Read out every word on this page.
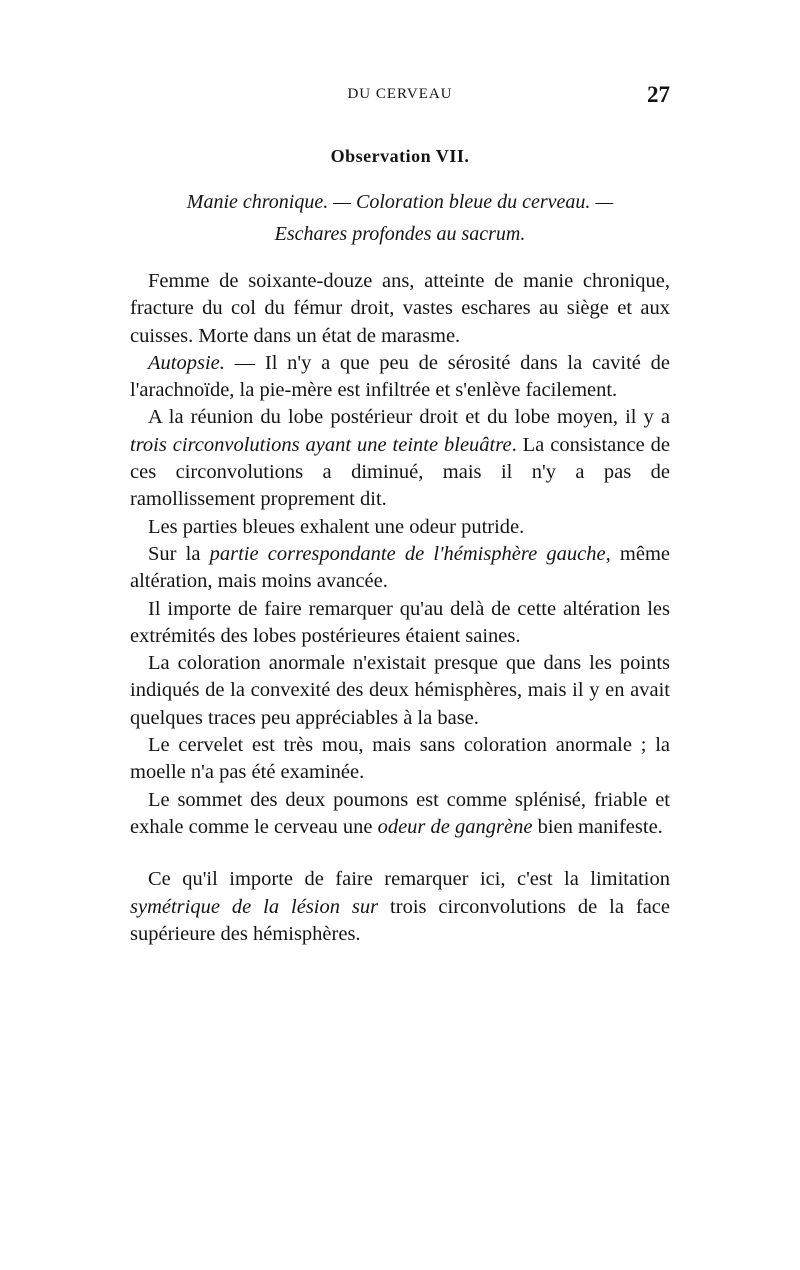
DU CERVEAU	27
Observation VII.
Manie chronique. — Coloration bleue du cerveau. —
Eschares profondes au sacrum.

Femme de soixante-douze ans, atteinte de manie chronique, fracture du col du fémur droit, vastes eschares au siège et aux cuisses. Morte dans un état de marasme.

Autopsie. — Il n'y a que peu de sérosité dans la cavité de l'arachnoïde, la pie-mère est infiltrée et s'enlève facilement.

A la réunion du lobe postérieur droit et du lobe moyen, il y a trois circonvolutions ayant une teinte bleuâtre. La consistance de ces circonvolutions a diminué, mais il n'y a pas de ramollissement proprement dit.

Les parties bleues exhalent une odeur putride.

Sur la partie correspondante de l'hémisphère gauche, même altération, mais moins avancée.

Il importe de faire remarquer qu'au delà de cette altération les extrémités des lobes postérieures étaient saines.

La coloration anormale n'existait presque que dans les points indiqués de la convexité des deux hémisphères, mais il y en avait quelques traces peu appréciables à la base.

Le cervelet est très mou, mais sans coloration anormale ; la moelle n'a pas été examinée.

Le sommet des deux poumons est comme splénisé, friable et exhale comme le cerveau une odeur de gangrène bien manifeste.

Ce qu'il importe de faire remarquer ici, c'est la limitation symétrique de la lésion sur trois circonvolutions de la face supérieure des hémisphères.
